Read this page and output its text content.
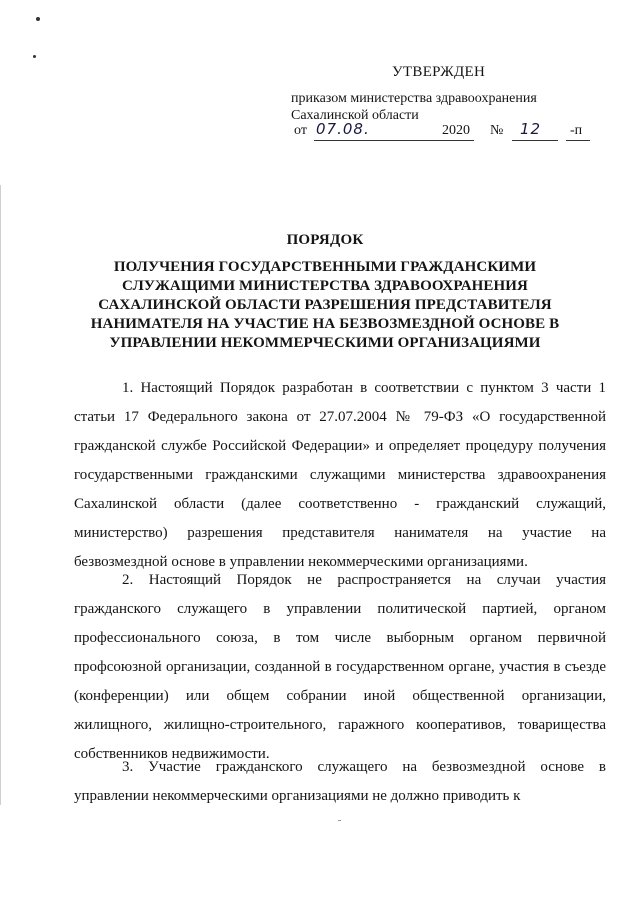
УТВЕРЖДЕН
приказом министерства здравоохранения
Сахалинской области
от 07.08.	2020 № 12 -п
ПОРЯДОК
ПОЛУЧЕНИЯ ГОСУДАРСТВЕННЫМИ ГРАЖДАНСКИМИ СЛУЖАЩИМИ МИНИСТЕРСТВА ЗДРАВООХРАНЕНИЯ САХАЛИНСКОЙ ОБЛАСТИ РАЗРЕШЕНИЯ ПРЕДСТАВИТЕЛЯ НАНИМАТЕЛЯ НА УЧАСТИЕ НА БЕЗВОЗМЕЗДНОЙ ОСНОВЕ В УПРАВЛЕНИИ НЕКОММЕРЧЕСКИМИ ОРГАНИЗАЦИЯМИ

1. Настоящий Порядок разработан в соответствии с пунктом 3 части 1 статьи 17 Федерального закона от 27.07.2004 № 79-ФЗ «О государственной гражданской службе Российской Федерации» и определяет процедуру получения государственными гражданскими служащими министерства здравоохранения Сахалинской области (далее соответственно - гражданский служащий, министерство) разрешения представителя нанимателя на участие на безвозмездной основе в управлении некоммерческими организациями.

2. Настоящий Порядок не распространяется на случаи участия гражданского служащего в управлении политической партией, органом профессионального союза, в том числе выборным органом первичной профсоюзной организации, созданной в государственном органе, участия в съезде (конференции) или общем собрании иной общественной организации, жилищного, жилищно-строительного, гаражного кооперативов, товарищества собственников недвижимости.

3. Участие гражданского служащего на безвозмездной основе в управлении некоммерческими организациями не должно приводить к
